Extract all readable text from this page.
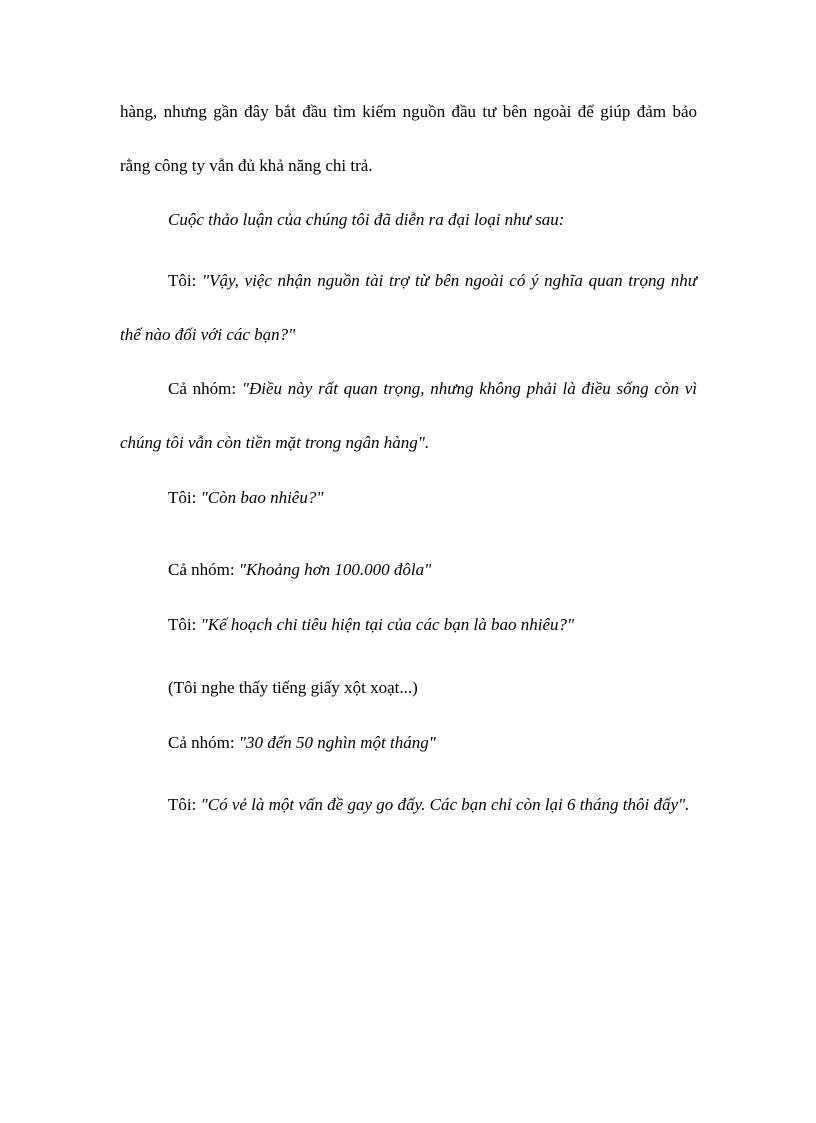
hàng, nhưng gần đây bắt đầu tìm kiếm nguồn đầu tư bên ngoài để giúp đảm bảo rằng công ty vẫn đủ khả năng chi trả.

Cuộc thảo luận của chúng tôi đã diễn ra đại loại như sau:

Tôi: "Vậy, việc nhận nguồn tài trợ từ bên ngoài có ý nghĩa quan trọng như thế nào đối với các bạn?"

Cả nhóm: "Điều này rất quan trọng, nhưng không phải là điều sống còn vì chúng tôi vẫn còn tiền mặt trong ngân hàng".

Tôi: "Còn bao nhiêu?"

Cả nhóm: "Khoảng hơn 100.000 đôla"

Tôi: "Kế hoạch chi tiêu hiện tại của các bạn là bao nhiêu?"

(Tôi nghe thấy tiếng giấy xột xoạt...)

Cả nhóm: "30 đến 50 nghìn một tháng"

Tôi: "Có vẻ là một vấn đề gay go đấy. Các bạn chỉ còn lại 6 tháng thôi đấy".
